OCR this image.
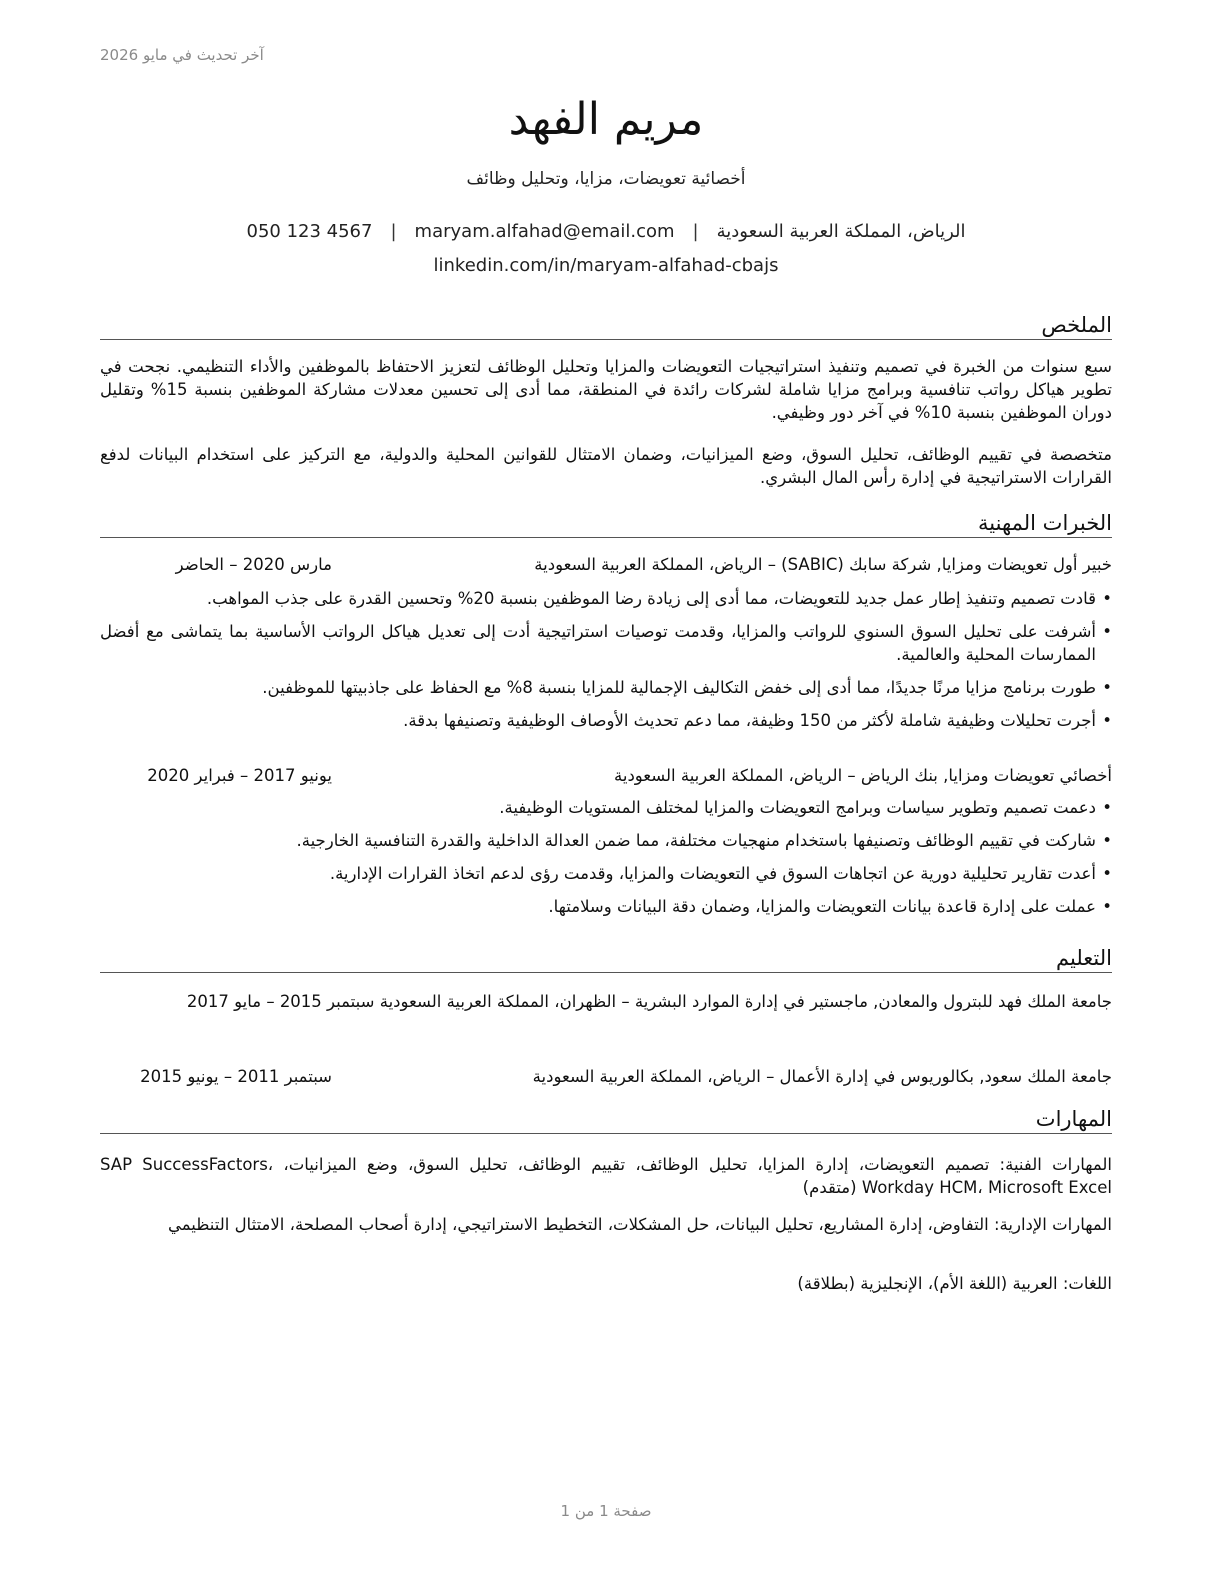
آخر تحديث في مايو 2026
مريم الفهد
أخصائية تعويضات، مزايا، وتحليل وظائف
الرياض، المملكة العربية السعودية
|
maryam.alfahad@email.com
|
050 123 4567
linkedin.com/in/maryam-alfahad-cbajs
الملخص
سبع سنوات من الخبرة في تصميم وتنفيذ استراتيجيات التعويضات والمزايا وتحليل الوظائف لتعزيز الاحتفاظ بالموظفين والأداء التنظيمي. نجحت في تطوير هياكل رواتب تنافسية وبرامج مزايا شاملة لشركات رائدة في المنطقة، مما أدى إلى تحسين معدلات مشاركة الموظفين بنسبة 15% وتقليل دوران الموظفين بنسبة 10% في آخر دور وظيفي.
متخصصة في تقييم الوظائف، تحليل السوق، وضع الميزانيات، وضمان الامتثال للقوانين المحلية والدولية، مع التركيز على استخدام البيانات لدفع القرارات الاستراتيجية في إدارة رأس المال البشري.
الخبرات المهنية
خبير أول تعويضات ومزايا, شركة سابك (SABIC) – الرياض، المملكة العربية السعودية
مارس 2020 – الحاضر
• قادت تصميم وتنفيذ إطار عمل جديد للتعويضات، مما أدى إلى زيادة رضا الموظفين بنسبة 20% وتحسين القدرة على جذب المواهب.
• أشرفت على تحليل السوق السنوي للرواتب والمزايا، وقدمت توصيات استراتيجية أدت إلى تعديل هياكل الرواتب الأساسية بما يتماشى مع أفضل الممارسات المحلية والعالمية.
• طورت برنامج مزايا مرنًا جديدًا، مما أدى إلى خفض التكاليف الإجمالية للمزايا بنسبة 8% مع الحفاظ على جاذبيتها للموظفين.
• أجرت تحليلات وظيفية شاملة لأكثر من 150 وظيفة، مما دعم تحديث الأوصاف الوظيفية وتصنيفها بدقة.
أخصائي تعويضات ومزايا, بنك الرياض – الرياض، المملكة العربية السعودية
يونيو 2017 – فبراير 2020
• دعمت تصميم وتطوير سياسات وبرامج التعويضات والمزايا لمختلف المستويات الوظيفية.
• شاركت في تقييم الوظائف وتصنيفها باستخدام منهجيات مختلفة، مما ضمن العدالة الداخلية والقدرة التنافسية الخارجية.
• أعدت تقارير تحليلية دورية عن اتجاهات السوق في التعويضات والمزايا، وقدمت رؤى لدعم اتخاذ القرارات الإدارية.
• عملت على إدارة قاعدة بيانات التعويضات والمزايا، وضمان دقة البيانات وسلامتها.
التعليم
جامعة الملك فهد للبترول والمعادن, ماجستير في إدارة الموارد البشرية – الظهران، المملكة العربية السعودية سبتمبر 2015 – مايو 2017
جامعة الملك سعود, بكالوريوس في إدارة الأعمال – الرياض، المملكة العربية السعودية
سبتمبر 2011 – يونيو 2015
المهارات
المهارات الفنية: تصميم التعويضات، إدارة المزايا، تحليل الوظائف، تقييم الوظائف، تحليل السوق، وضع الميزانيات، SAP SuccessFactors، Workday HCM، Microsoft Excel (متقدم)
المهارات الإدارية: التفاوض، إدارة المشاريع، تحليل البيانات، حل المشكلات، التخطيط الاستراتيجي، إدارة أصحاب المصلحة، الامتثال التنظيمي
اللغات: العربية (اللغة الأم)، الإنجليزية (بطلاقة)
صفحة 1 من 1
